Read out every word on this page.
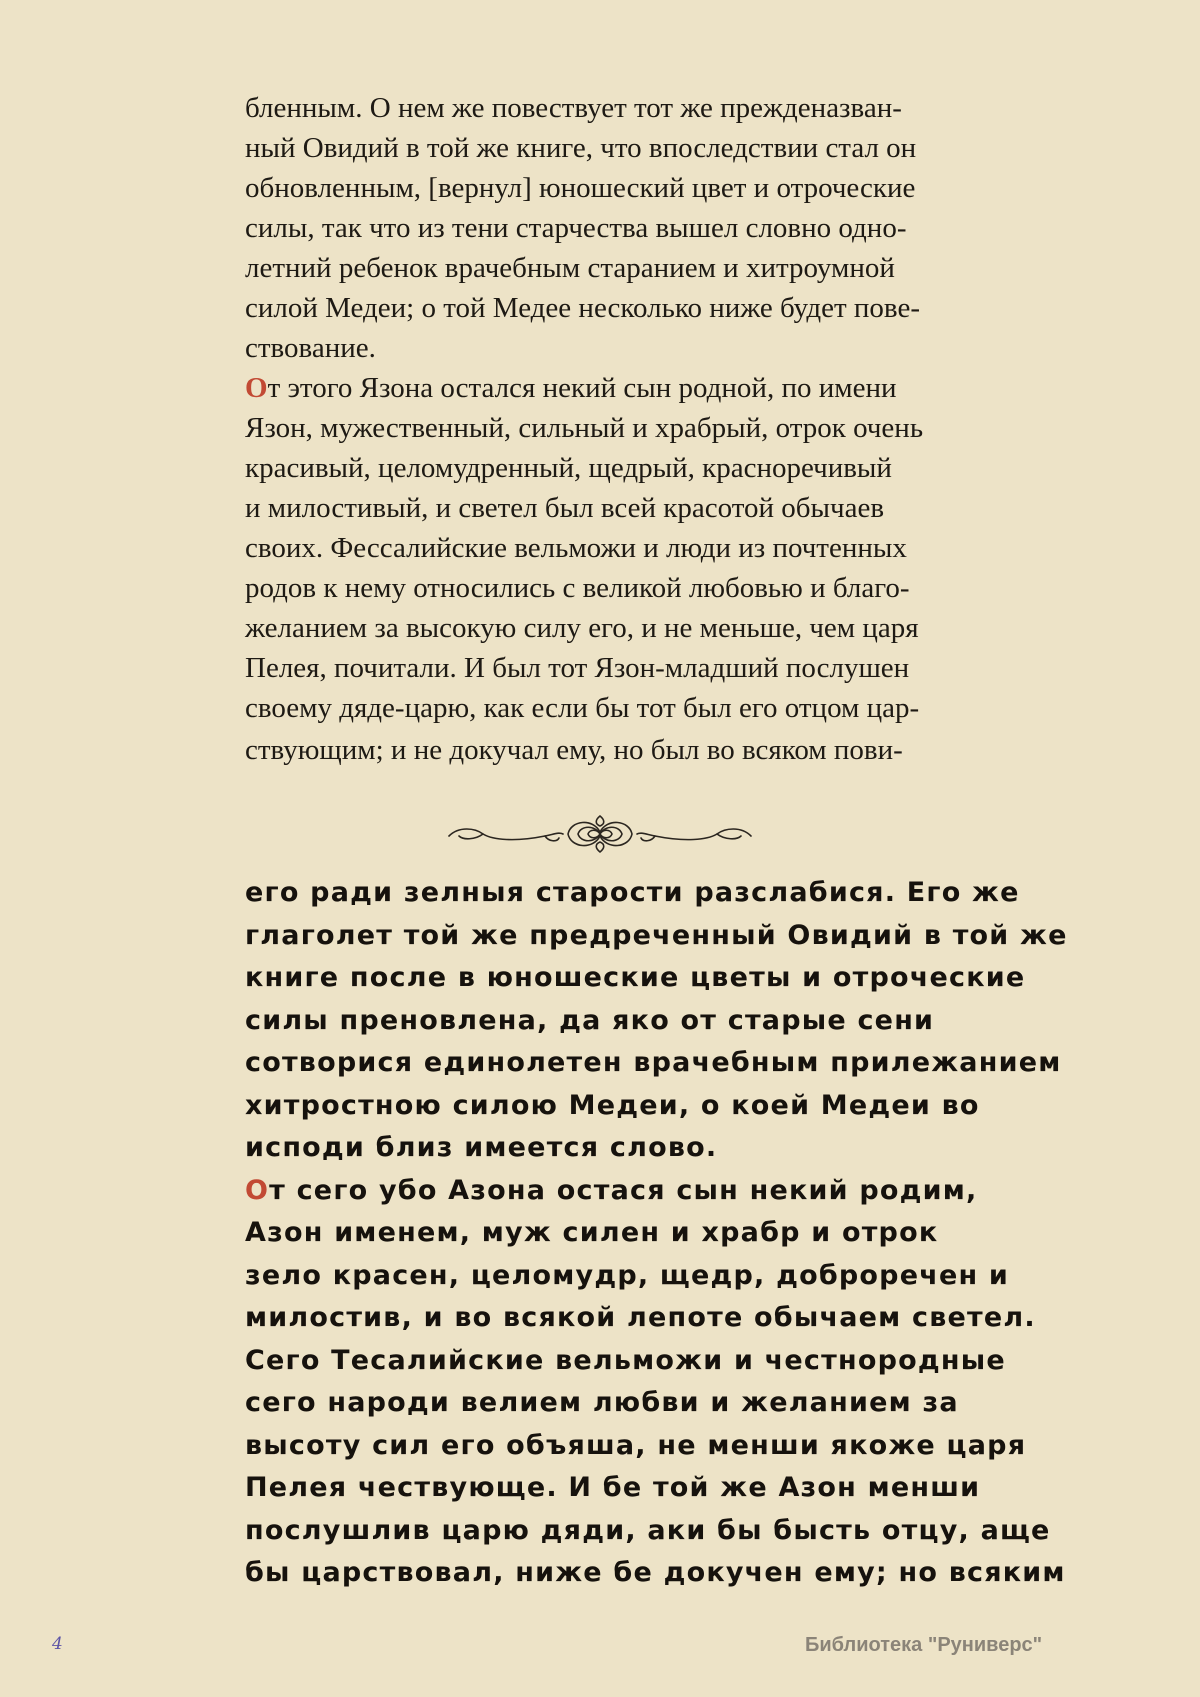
бленным. О нем же повествует тот же прежденазван-
ный Овидий в той же книге, что впоследствии стал он
обновленным, [вернул] юношеский цвет и отроческие
силы, так что из тени старчества вышел словно одно-
летний ребенок врачебным старанием и хитроумной
силой Медеи; о той Медее несколько ниже будет пове-
ствование.
От этого Язона остался некий сын родной, по имени
Язон, мужественный, сильный и храбрый, отрок очень
красивый, целомудренный, щедрый, красноречивый
и милостивый, и светел был всей красотой обычаев
своих. Фессалийские вельможи и люди из почтенных
родов к нему относились с великой любовью и благо-
желанием за высокую силу его, и не меньше, чем царя
Пелея, почитали. И был тот Язон-младший послушен
своему дяде-царю, как если бы тот был его отцом цар-
ствующим; и не докучал ему, но был во всяком пови-
его ради зелныя старости разслабися. Его же
глаголет той же предреченный Овидий в той же
книге после в юношеские цветы и отроческие
силы преновлена, да яко от старые сени
сотворися единолетен врачебным прилежанием
хитростною силою Медеи, о коей Медеи во
исподи близ имеется слово.
От сего убо Азона остася сын некий родим,
Азон именем, муж силен и храбр и отрок
зело красен, целомудр, щедр, доброречен и
милостив, и во всякой лепоте обычаем светел.
Сего Тесалийские вельможи и честнородные
сего народи велием любви и желанием за
высоту сил его объяша, не менши якоже царя
Пелея чествующе. И бе той же Азон менши
послушлив царю дяди, аки бы бысть отцу, аще
бы царствовал, ниже бе докучен ему; но всяким
4	Библиотека "Руниверс"
